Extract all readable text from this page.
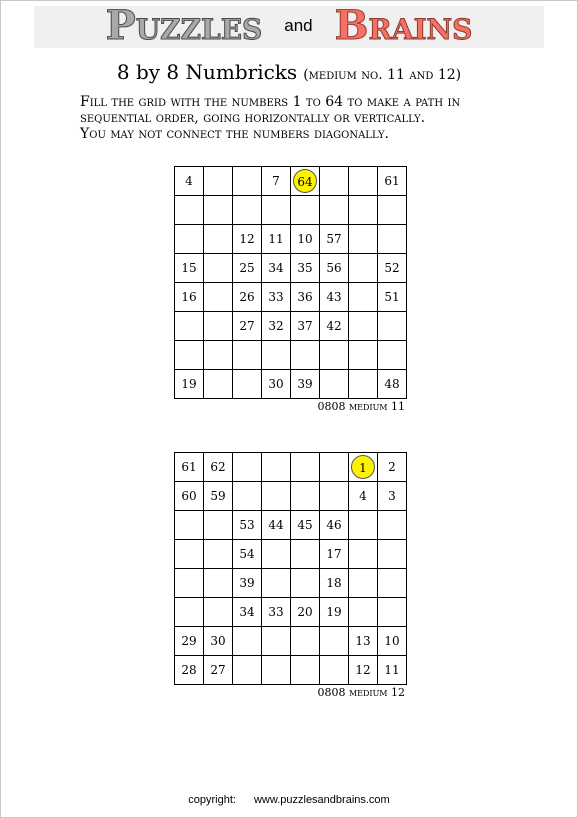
Puzzles and Brains
8 by 8 Numbricks (medium no. 11 and 12)
Fill the grid with the numbers 1 to 64 to make a path in
sequential order, going horizontally or vertically.
You may not connect the numbers diagonally.
4			7	64			61

		12	11	10	57		
15		25	34	35	56		52
16		26	33	36	43		51
		27	32	37	42		

19			30	39			48
0808 medium 11
61	62					1	2
60	59					4	3
		53	44	45	46		
		54			17		
		39			18		
		34	33	20	19		
29	30					13	10
28	27					12	11
0808 medium 12
copyright: www.puzzlesandbrains.com
